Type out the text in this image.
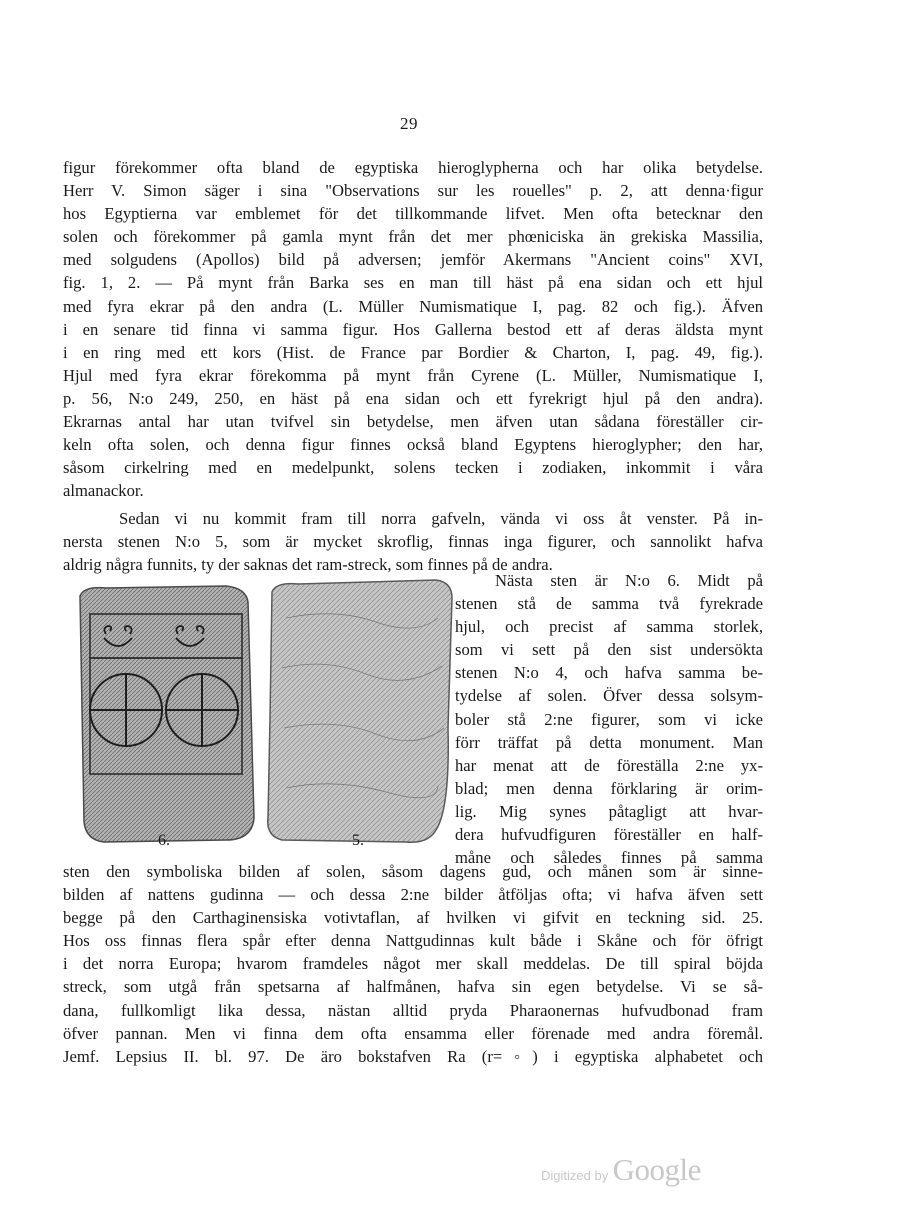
29
figur förekommer ofta bland de egyptiska hieroglypherna och har olika betydelse.
Herr V. Simon säger i sina "Observations sur les rouelles" p. 2, att denna·figur
hos Egyptierna var emblemet för det tillkommande lifvet. Men ofta betecknar den
solen och förekommer på gamla mynt från det mer phœniciska än grekiska Massilia,
med solgudens (Apollos) bild på adversen; jemför Akermans "Ancient coins" XVI,
fig. 1, 2. — På mynt från Barka ses en man till häst på ena sidan och ett hjul
med fyra ekrar på den andra (L. Müller Numismatique I, pag. 82 och fig.). Äfven
i en senare tid finna vi samma figur. Hos Gallerna bestod ett af deras äldsta mynt
i en ring med ett kors (Hist. de France par Bordier & Charton, I, pag. 49, fig.).
Hjul med fyra ekrar förekomma på mynt från Cyrene (L. Müller, Numismatique I,
p. 56, N:o 249, 250, en häst på ena sidan och ett fyrekrigt hjul på den andra).
Ekrarnas antal har utan tvifvel sin betydelse, men äfven utan sådana föreställer cir-
keln ofta solen, och denna figur finnes också bland Egyptens hieroglypher; den har,
såsom cirkelring med en medelpunkt, solens tecken i zodiaken, inkommit i våra
almanackor.
Sedan vi nu kommit fram till norra gafveln, vända vi oss åt venster. På in-
nersta stenen N:o 5, som är mycket skroflig, finnas inga figurer, och sannolikt hafva
aldrig några funnits, ty der saknas det ram-streck, som finnes på de andra.
6.	5.
Nästa sten är N:o 6. Midt på
stenen stå de samma två fyrekrade
hjul, och precist af samma storlek,
som vi sett på den sist undersökta
stenen N:o 4, och hafva samma be-
tydelse af solen. Öfver dessa solsym-
boler stå 2:ne figurer, som vi icke
förr träffat på detta monument. Man
har menat att de föreställa 2:ne yx-
blad; men denna förklaring är orim-
lig. Mig synes påtagligt att hvar-
dera hufvudfiguren föreställer en half-
måne och således finnes på samma
sten den symboliska bilden af solen, såsom dagens gud, och månen som är sinne-
bilden af nattens gudinna — och dessa 2:ne bilder åtföljas ofta; vi hafva äfven sett
begge på den Carthaginensiska votivtaflan, af hvilken vi gifvit en teckning sid. 25.
Hos oss finnas flera spår efter denna Nattgudinnas kult både i Skåne och för öfrigt
i det norra Europa; hvarom framdeles något mer skall meddelas. De till spiral böjda
streck, som utgå från spetsarna af halfmånen, hafva sin egen betydelse. Vi se så-
dana, fullkomligt lika dessa, nästan alltid pryda Pharaonernas hufvudbonad fram
öfver pannan. Men vi finna dem ofta ensamma eller förenade med andra föremål.
Jemf. Lepsius II. bl. 97. De äro bokstafven Ra (r=◦) i egyptiska alphabetet och
Digitized by Google
